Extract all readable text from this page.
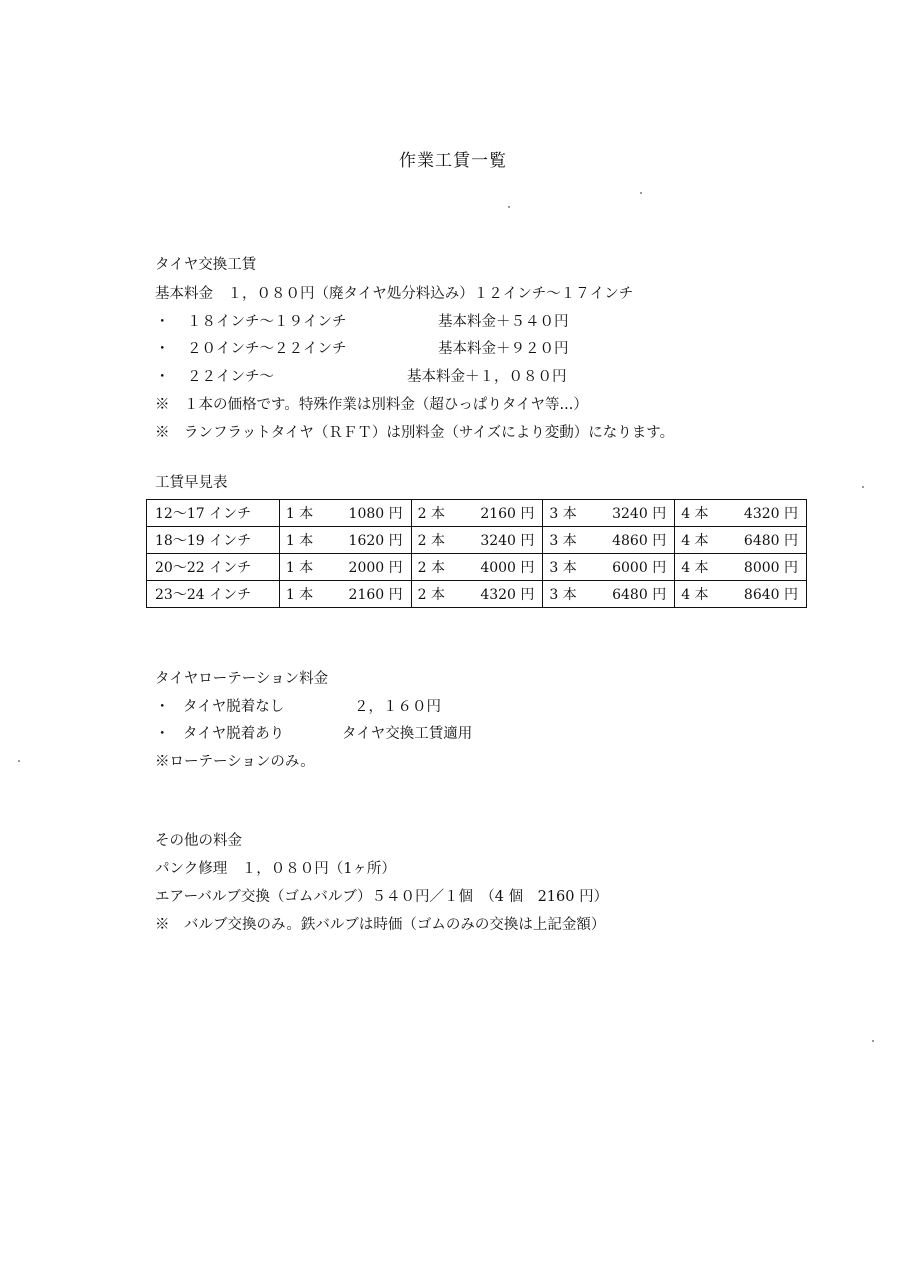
作業工賃一覧
タイヤ交換工賃
基本料金　１，０８０円（廃タイヤ処分料込み）１２インチ〜１７インチ
・ １８インチ〜１９インチ	基本料金＋５４０円
・ ２０インチ〜２２インチ	基本料金＋９２０円
・ ２２インチ〜	基本料金＋１，０８０円
※　１本の価格です。特殊作業は別料金（超ひっぱりタイヤ等...）
※　ランフラットタイヤ（ＲＦＴ）は別料金（サイズにより変動）になります。
工賃早見表
12〜17 インチ	1 本 1080 円	2 本 2160 円	3 本 3240 円	4 本 4320 円

18〜19 インチ	1 本 1620 円	2 本 3240 円	3 本 4860 円	4 本 6480 円

20〜22 インチ	1 本 2000 円	2 本 4000 円	3 本 6000 円	4 本 8000 円

23〜24 インチ	1 本 2160 円	2 本 4320 円	3 本 6480 円	4 本 8640 円
タイヤローテーション料金
・ タイヤ脱着なし	２，１６０円
・ タイヤ脱着あり	タイヤ交換工賃適用
※ローテーションのみ。
その他の料金
パンク修理　１，０８０円（1ヶ所）
エアーバルブ交換（ゴムバルブ）５４０円／１個　（4 個　2160 円）
※　バルブ交換のみ。鉄バルブは時価（ゴムのみの交換は上記金額）
